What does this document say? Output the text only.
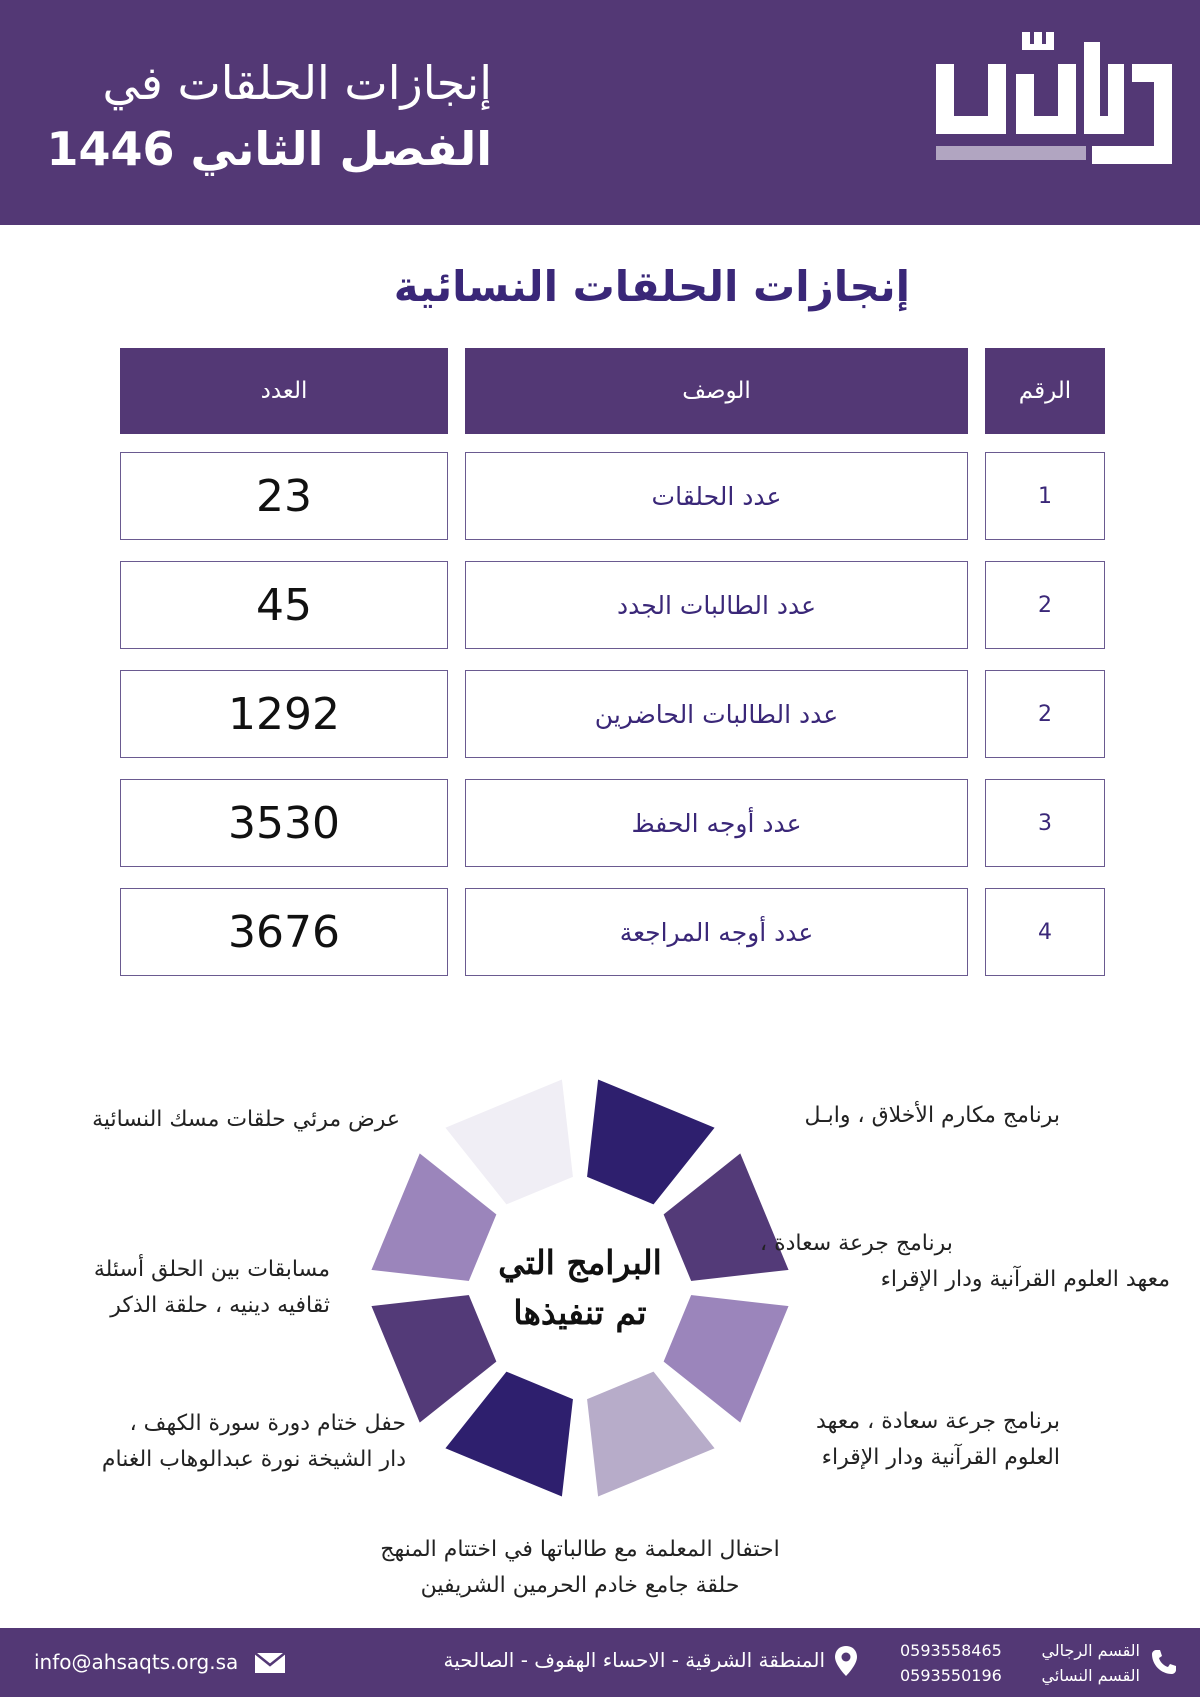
إنجازات الحلقات في
الفصل الثاني 1446
إنجازات الحلقات النسائية
العدد	الوصف	الرقم
23	عدد الحلقات	1
45	عدد الطالبات الجدد	2
1292	عدد الطالبات الحاضرين	2
3530	عدد أوجه الحفظ	3
3676	عدد أوجه المراجعة	4
البرامج التي
تم تنفيذها
برنامج مكارم الأخلاق ، وابـل
برنامج جرعة سعادة ،
معهد العلوم القرآنية ودار الإقراء
برنامج جرعة سعادة ، معهد
العلوم القرآنية ودار الإقراء
احتفال المعلمة مع طالباتها في اختتام المنهج
حلقة جامع خادم الحرمين الشريفين
عرض مرئي حلقات مسك النسائية
مسابقات بين الحلق أسئلة
ثقافيه دينيه ، حلقة الذكر
حفل ختام دورة سورة الكهف ،
دار الشيخة نورة عبدالوهاب الغنام
info@ahsaqts.org.sa	المنطقة الشرقية - الاحساء الهفوف - الصالحية	القسم الرجالي
0593558465
القسم النسائي
0593550196
